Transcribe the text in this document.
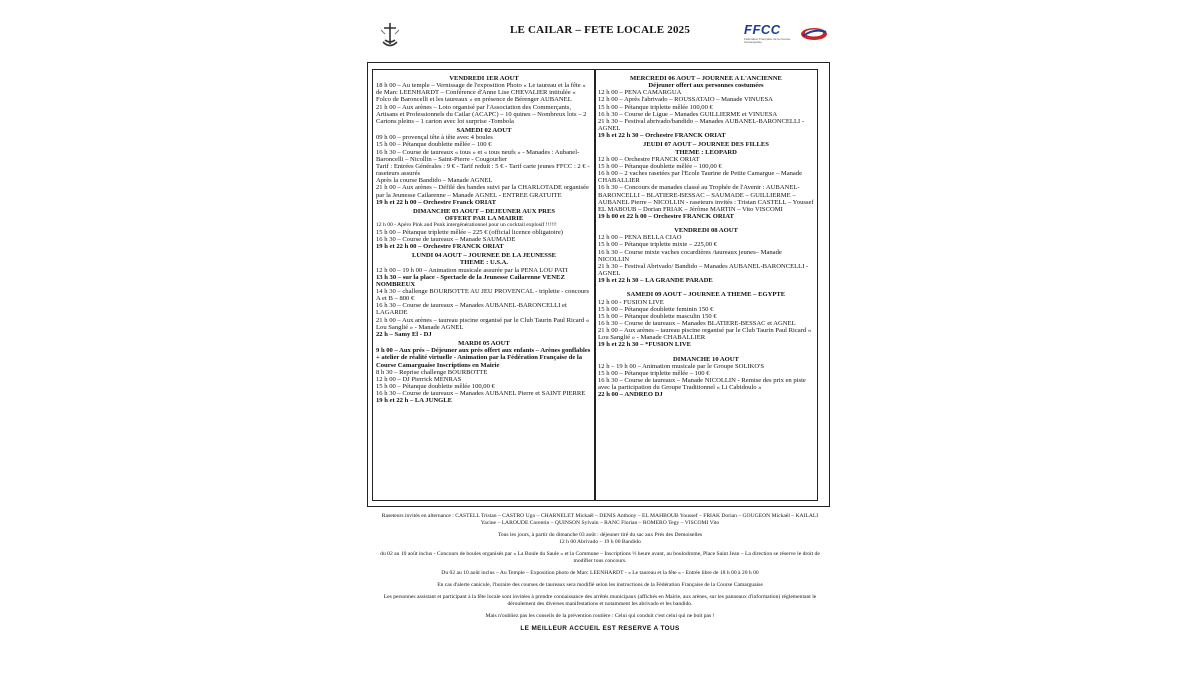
LE CAILAR – FETE LOCALE 2025	FFCC
Fédération Française de la Course Camarguaise
VENDREDI 1ER AOUT

18 h 00 – Au temple – Vernissage de l'exposition Photo « Le taureau et la fête » de Marc LEENHARDT – Conférence d'Anne Lise CHEVALIER intitulée « Folco de Baroncelli et les taureaux » en présence de Bérenger AUBANEL

21 h 00 – Aux arènes – Loto organisé par l'Association des Commerçants, Artisans et Professionnels du Cailar (ACAPC) – 10 quines – Nombreux lots – 2 Cartons pleins – 1 carton avec lot surprise -Tombola

SAMEDI 02 AOUT

09 h 00 – provençal tête à tête avec 4 boules

15 h 00 – Pétanque doublette mêlée – 100 €

16 h 30 – Course de taureaux « tous » et « tous neufs » - Manades : Aubanel-Baroncelli – Nicollin – Saint-Pierre - Cougourlier

Tarif : Entrées Générales : 9 € - Tarif reduit : 5 € - Tarif carte jeunes FFCC : 2 € - raseteurs assurés

Après la course Bandido – Manade AGNEL

21 h 00 – Aux arènes – Défilé des bandes suivi par la CHARLOTADE organisée par la Jeunesse Cailarenne – Manade AGNEL - ENTREE GRATUITE

19 h et 22 h 00 – Orchestre Franck ORIAT

DIMANCHE 03 AOUT – DEJEUNER AUX PRES
OFFERT PAR LA MAIRIE

12 h 00 - Apéro Pink and Punk intergénérationnel pour un cocktail explosif !!!!!!

15 h 00 – Pétanque triplette mêlée – 225 € (official licence obligatoire)

16 h 30 – Course de taureaux – Manade SAUMADE

19 h et 22 h 00 – Orchestre FRANCK ORIAT

LUNDI 04 AOUT – JOURNEE DE LA JEUNESSE
THEME : U.S.A.

12 h 00 – 19 h 00 – Animation musicale assurée par la PENA LOU PATI

13 h 30 – sur la place - Spectacle de la Jeunesse Cailarenne VENEZ NOMBREUX

14 h 30 – challenge BOURBOTTE AU JEU PROVENCAL - triplette - concours A et B – 800 €

16 h 30 – Course de taureaux – Manades AUBANEL-BARONCELLI et LAGARDE

21 h 00 – Aux arènes – taureau piscine organisé par le Club Taurin Paul Ricard « Lou Sanglié » - Manade AGNEL

22 h – Samy El - DJ

MARDI 05 AOUT

9 h 00 – Aux prés – Déjeuner aux prés offert aux enfants – Arènes gonflables + atelier de réalité virtuelle - Animation par la Fédération Française de la Course Camarguaise Inscriptions en Mairie

8 h 30 – Reprise challenge BOURBOTTE

12 h 00 – DJ Pierrick MENRAS

15 h 00 – Pétanque doublette mêlée 100,00 €

16 h 30 – Course de taureaux – Manades AUBANEL Pierre et SAINT PIERRE

19 h et 22 h – LA JUNGLE

MERCREDI 06 AOUT – JOURNEE A L'ANCIENNE
Déjeuner offert aux personnes costumées

12 h 00 – PENA CAMARGUA

12 h 00 – Après l'abrivado – ROUSSATAIO – Manade VINUESA

15 h 00 – Pétanque triplette mêlée 100,00 €

16 h 30 – Course de Ligue – Manades GUILLIERME et VINUESA

21 h 30 – Festival abrivado/bandido – Manades AUBANEL-BARONCELLI - AGNEL

19 h et 22 h 30 – Orchestre FRANCK ORIAT

JEUDI 07 AOUT – JOURNEE DES FILLES
THEME : LEOPARD

12 h 00 – Orchestre FRANCK ORIAT

15 h 00 – Pétanque doublette mêlée – 100,00 €

16 h 00 – 2 vaches rasetées par l'Ecole Taurine de Petite Camargue – Manade CHABALLIER

16 h 30 – Concours de manades classé au Trophée de l'Avenir : AUBANEL-BARONCELLI – BLATIERE-BESSAC – SAUMADE – GUILLIERME – AUBANEL Pierre – NICOLLIN - raseteurs invités : Tristan CASTELL – Youssef EL MABOUB – Dorian FRIAK – Jérôme MARTIN – Vito VISCOMI

19 h 00 et 22 h 00 – Orchestre FRANCK ORIAT

VENDREDI 08 AOUT

12 h 00 – PENA BELLA CIAO

15 h 00 – Pétanque triplette mixte – 225,00 €

16 h 30 – Course mixte vaches cocardières /taureaux jeunes– Manade NICOLLIN

21 h 30 – Festival Abrivado/ Bandido – Manades AUBANEL-BARONCELLI - AGNEL

19 h et 22 h 30 – LA GRANDE PARADE

SAMEDI 09 AOUT – JOURNEE A THEME – EGYPTE

12 h 00 - FUSION LIVE

15 h 00 – Pétanque doublette feminin 150 €

15 h 00 – Pétanque doublette masculin 150 €

16 h 30 – Course de taureaux – Manades BLATIERE-BESSAC et AGNEL

21 h 00 – Aux arènes – taureau piscine organisé par le Club Taurin Paul Ricard « Lou Sanglié » - Manade CHABALLIER

19 h et 22 h 30 – *FUSION LIVE

DIMANCHE 10 AOUT

12 h – 19 h 00 – Animation musicale par le Groupe SOLIKO'S

15 h 00 – Pétanque triplette mêlée – 100 €

16 h 30 – Course de taureaux – Manade NICOLLIN - Remise des prix en piste avec la participation du Groupe Traditionnel « Li Cabidoulo »

22 h 00 – ANDREO DJ

Raseteurs invités en alternance : CASTELL Tristan – CASTRO Ugo – CHARNELET Mickaël – DENIS Anthony – EL MAHBOUB Youssef – FRIAK Dorian – GOUGEON Mickaël – KAILALI Yacine – LAROUDE Corentin – QUINSON Sylvain – RANC Florian – ROMERO Tegy – VISCOMI Vito

Tous les jours, à partir du dimanche 03 août : déjeuner tiré du sac aux Prés des Demoiselles

12 h 00 Abrivado – 19 h 00 Bandido

du 02 au 10 août inclus - Concours de boules organisés par « La Boule du Saule » et la Commune – Inscriptions ½ heure avant, au boulodrome, Place Saint Jean – La direction se réserve le droit de modifier tous concours.

Du 02 au 10 août inclus – Au Temple – Exposition photo de Marc LEENHARDT - « Le taureau et la fête » - Entrée libre de 18 h 00 à 20 h 00

En cas d'alerte canicule, l'horaire des courses de taureaux sera modifié selon les instructions de la Fédération Française de la Course Camarguaise

Les personnes assistant et participant à la fête locale sont invitées à prendre connaissance des arrêtés municipaux (affichés en Mairie, aux arènes, sur les panneaux d'information) réglementant le déroulement des diverses manifestations et notamment les abrivado et les bandido.

Mais n'oubliez pas les conseils de la prévention routière : Celui qui conduit c'est celui qui ne boit pas !

LE MEILLEUR ACCUEIL EST RESERVE A TOUS
